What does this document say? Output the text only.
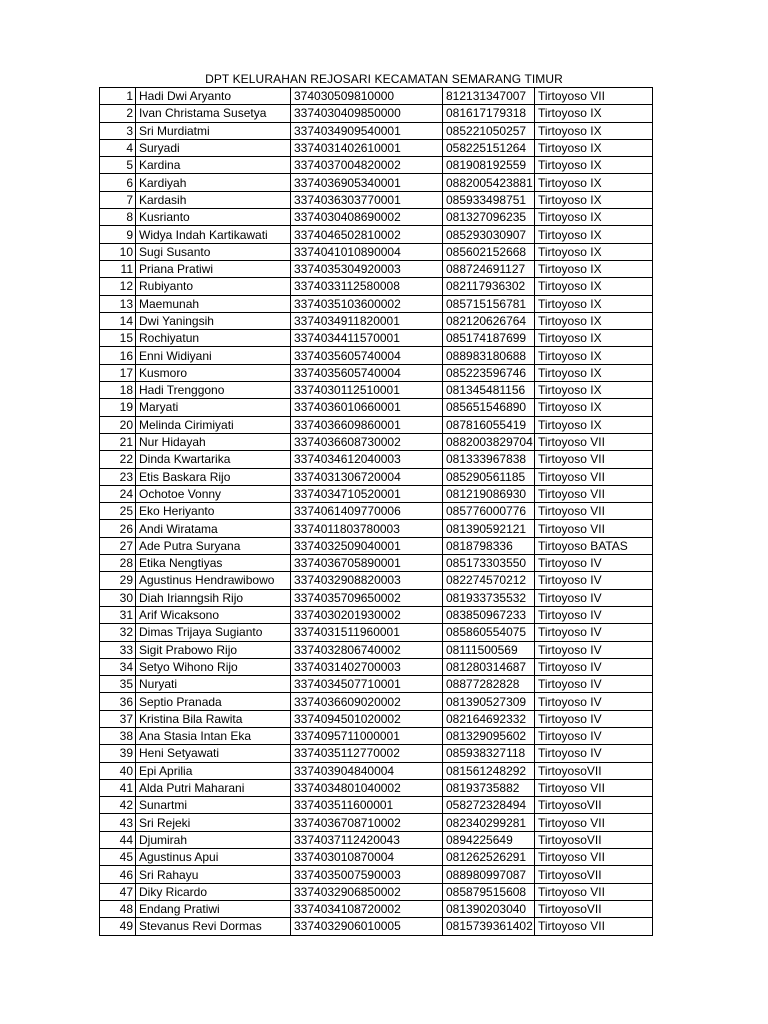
DPT KELURAHAN REJOSARI KECAMATAN SEMARANG TIMUR
1	Hadi Dwi Aryanto	374030509810000	812131347007	Tirtoyoso VII
2	Ivan Christama Susetya	3374030409850000	081617179318	Tirtoyoso IX
3	Sri Murdiatmi	3374034909540001	085221050257	Tirtoyoso IX
4	Suryadi	3374031402610001	058225151264	Tirtoyoso IX
5	Kardina	3374037004820002	081908192559	Tirtoyoso IX
6	Kardiyah	3374036905340001	0882005423881	Tirtoyoso IX
7	Kardasih	3374036303770001	085933498751	Tirtoyoso IX
8	Kusrianto	3374030408690002	081327096235	Tirtoyoso IX
9	Widya Indah Kartikawati	3374046502810002	085293030907	Tirtoyoso IX
10	Sugi Susanto	3374041010890004	085602152668	Tirtoyoso IX
11	Priana Pratiwi	3374035304920003	088724691127	Tirtoyoso IX
12	Rubiyanto	3374033112580008	082117936302	Tirtoyoso IX
13	Maemunah	3374035103600002	085715156781	Tirtoyoso IX
14	Dwi Yaningsih	3374034911820001	082120626764	Tirtoyoso IX
15	Rochiyatun	3374034411570001	085174187699	Tirtoyoso IX
16	Enni Widiyani	3374035605740004	088983180688	Tirtoyoso IX
17	Kusmoro	3374035605740004	085223596746	Tirtoyoso IX
18	Hadi Trenggono	3374030112510001	081345481156	Tirtoyoso IX
19	Maryati	3374036010660001	085651546890	Tirtoyoso IX
20	Melinda Cirimiyati	3374036609860001	087816055419	Tirtoyoso IX
21	Nur Hidayah	3374036608730002	0882003829704	Tirtoyoso VII
22	Dinda Kwartarika	3374034612040003	081333967838	Tirtoyoso VII
23	Etis Baskara Rijo	3374031306720004	085290561185	Tirtoyoso VII
24	Ochotoe Vonny	3374034710520001	081219086930	Tirtoyoso VII
25	Eko Heriyanto	3374061409770006	085776000776	Tirtoyoso VII
26	Andi Wiratama	3374011803780003	081390592121	Tirtoyoso VII
27	Ade Putra Suryana	3374032509040001	0818798336	Tirtoyoso BATAS
28	Etika Nengtiyas	3374036705890001	085173303550	Tirtoyoso IV
29	Agustinus Hendrawibowo	3374032908820003	082274570212	Tirtoyoso IV
30	Diah Irianngsih Rijo	3374035709650002	081933735532	Tirtoyoso IV
31	Arif Wicaksono	3374030201930002	083850967233	Tirtoyoso IV
32	Dimas Trijaya Sugianto	3374031511960001	085860554075	Tirtoyoso IV
33	Sigit Prabowo Rijo	3374032806740002	08111500569	Tirtoyoso IV
34	Setyo Wihono Rijo	3374031402700003	081280314687	Tirtoyoso IV
35	Nuryati	3374034507710001	08877282828	Tirtoyoso IV
36	Septio Pranada	3374036609020002	081390527309	Tirtoyoso IV
37	Kristina Bila Rawita	3374094501020002	082164692332	Tirtoyoso IV
38	Ana Stasia Intan Eka	3374095711000001	081329095602	Tirtoyoso IV
39	Heni Setyawati	3374035112770002	085938327118	Tirtoyoso IV
40	Epi Aprilia	337403904840004	081561248292	TirtoyosoVII
41	Alda Putri Maharani	3374034801040002	08193735882	Tirtoyoso VII
42	Sunartmi	337403511600001	058272328494	TirtoyosoVII
43	Sri Rejeki	3374036708710002	082340299281	Tirtoyoso VII
44	Djumirah	3374037112420043	0894225649	TirtoyosoVII
45	Agustinus Apui	337403010870004	081262526291	Tirtoyoso VII
46	Sri Rahayu	3374035007590003	088980997087	TirtoyosoVII
47	Diky Ricardo	3374032906850002	085879515608	Tirtoyoso VII
48	Endang Pratiwi	3374034108720002	081390203040	TirtoyosoVII
49	Stevanus Revi Dormas	3374032906010005	0815739361402	Tirtoyoso VII
